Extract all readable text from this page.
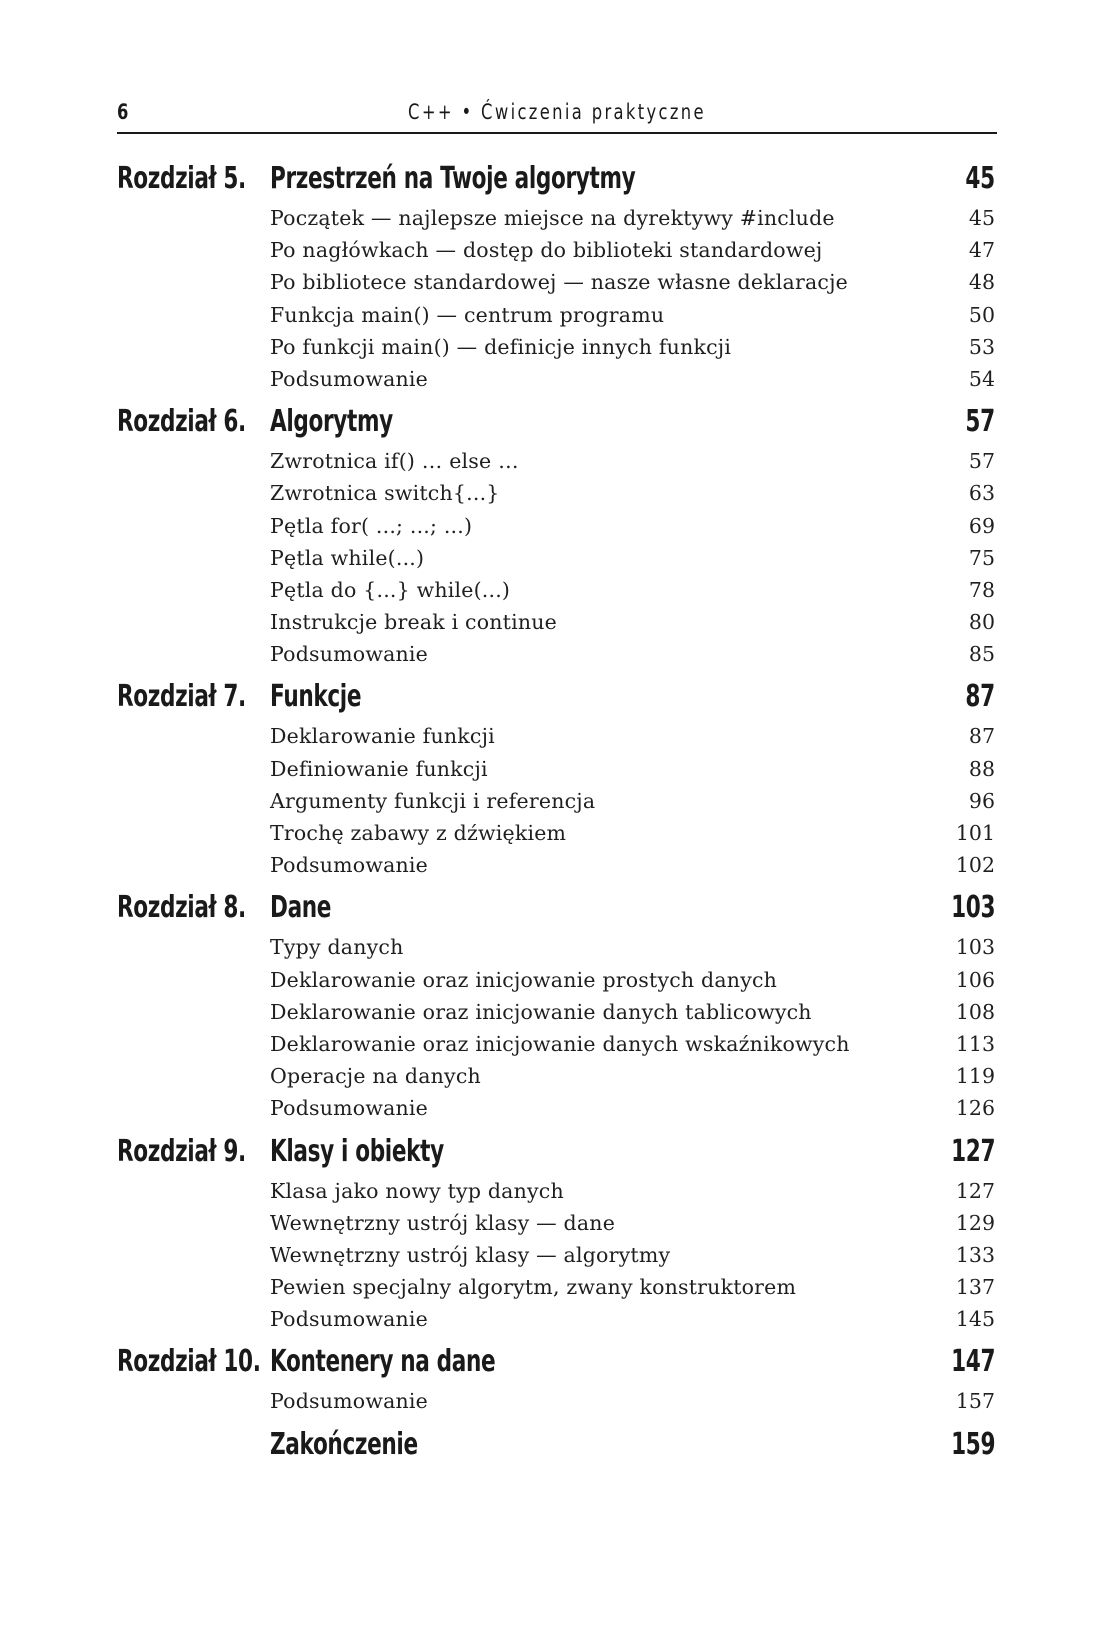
6	C++ • Ćwiczenia praktyczne
Rozdział 5. Przestrzeń na Twoje algorytmy	45
Początek — najlepsze miejsce na dyrektywy #include	45
Po nagłówkach — dostęp do biblioteki standardowej	47
Po bibliotece standardowej — nasze własne deklaracje	48
Funkcja main() — centrum programu	50
Po funkcji main() — definicje innych funkcji	53
Podsumowanie	54
Rozdział 6. Algorytmy	57
Zwrotnica if() … else …	57
Zwrotnica switch{...}	63
Pętla for( ...; ...; ...)	69
Pętla while(...)	75
Pętla do {...} while(...)	78
Instrukcje break i continue	80
Podsumowanie	85
Rozdział 7. Funkcje	87
Deklarowanie funkcji	87
Definiowanie funkcji	88
Argumenty funkcji i referencja	96
Trochę zabawy z dźwiękiem	101
Podsumowanie	102
Rozdział 8. Dane	103
Typy danych	103
Deklarowanie oraz inicjowanie prostych danych	106
Deklarowanie oraz inicjowanie danych tablicowych	108
Deklarowanie oraz inicjowanie danych wskaźnikowych	113
Operacje na danych	119
Podsumowanie	126
Rozdział 9. Klasy i obiekty	127
Klasa jako nowy typ danych	127
Wewnętrzny ustrój klasy — dane	129
Wewnętrzny ustrój klasy — algorytmy	133
Pewien specjalny algorytm, zwany konstruktorem	137
Podsumowanie	145
Rozdział 10. Kontenery na dane	147
Podsumowanie	157
Zakończenie	159
